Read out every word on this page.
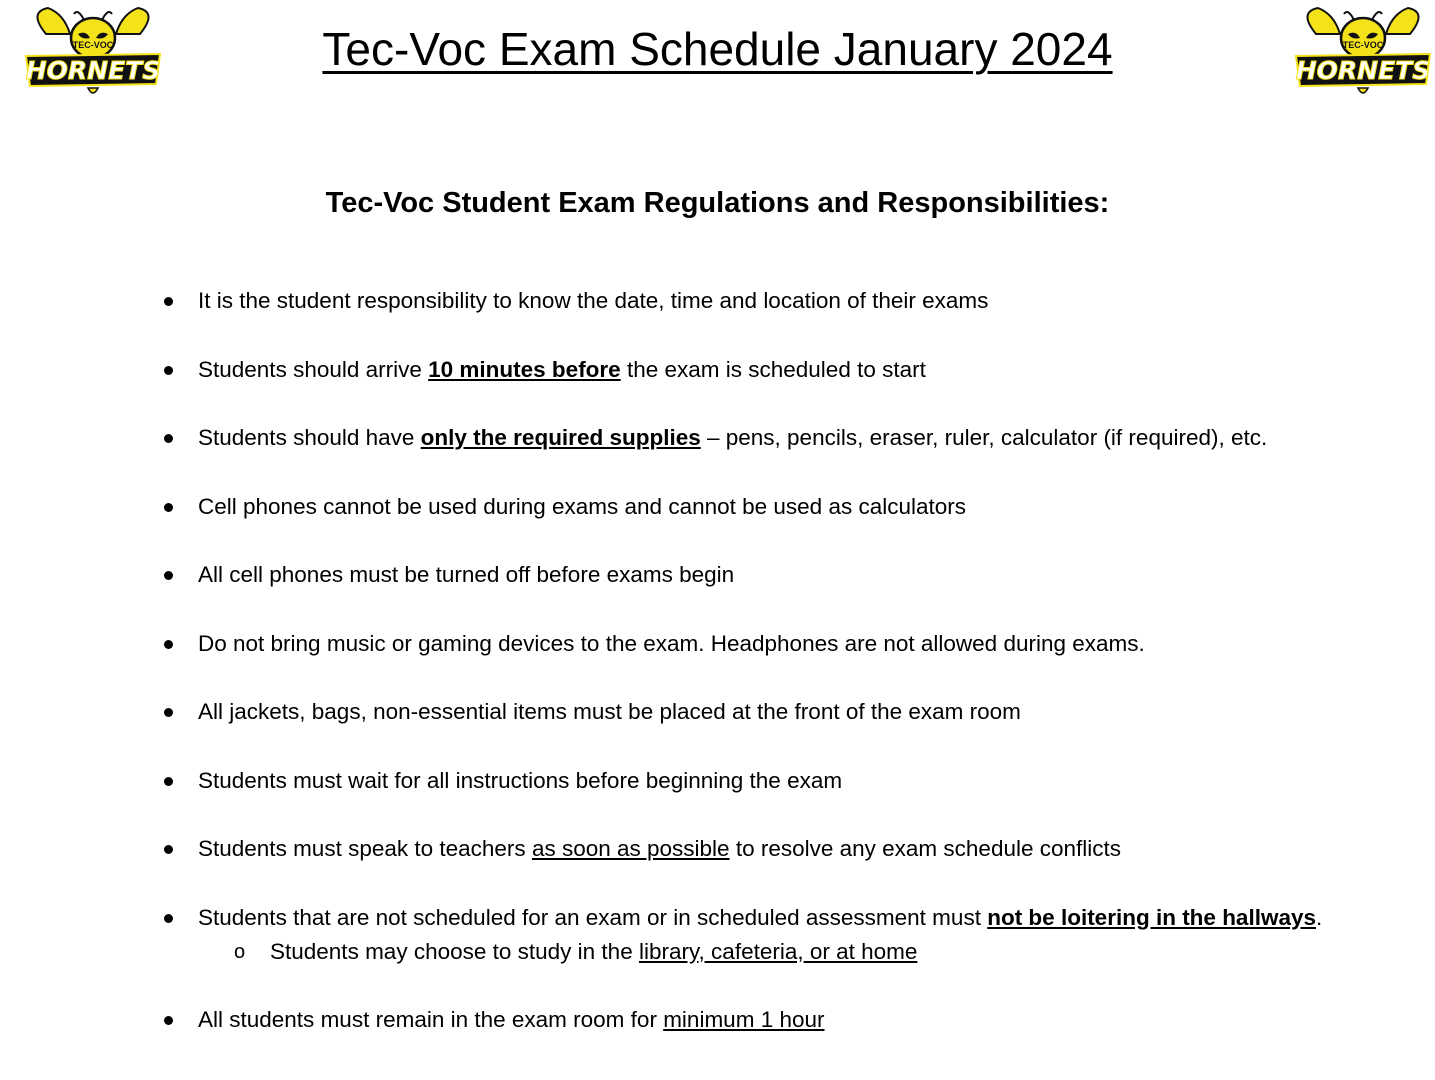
TEC-VOC
HORNETS
TEC-VOC
HORNETS
Tec-Voc Exam Schedule January 2024
Tec-Voc Student Exam Regulations and Responsibilities:
It is the student responsibility to know the date, time and location of their exams
Students should arrive 10 minutes before the exam is scheduled to start
Students should have only the required supplies – pens, pencils, eraser, ruler, calculator (if required), etc.
Cell phones cannot be used during exams and cannot be used as calculators
All cell phones must be turned off before exams begin
Do not bring music or gaming devices to the exam. Headphones are not allowed during exams.
All jackets, bags, non-essential items must be placed at the front of the exam room
Students must wait for all instructions before beginning the exam
Students must speak to teachers as soon as possible to resolve any exam schedule conflicts
Students that are not scheduled for an exam or in scheduled assessment must not be loitering in the hallways.
o Students may choose to study in the library, cafeteria, or at home
All students must remain in the exam room for minimum 1 hour
